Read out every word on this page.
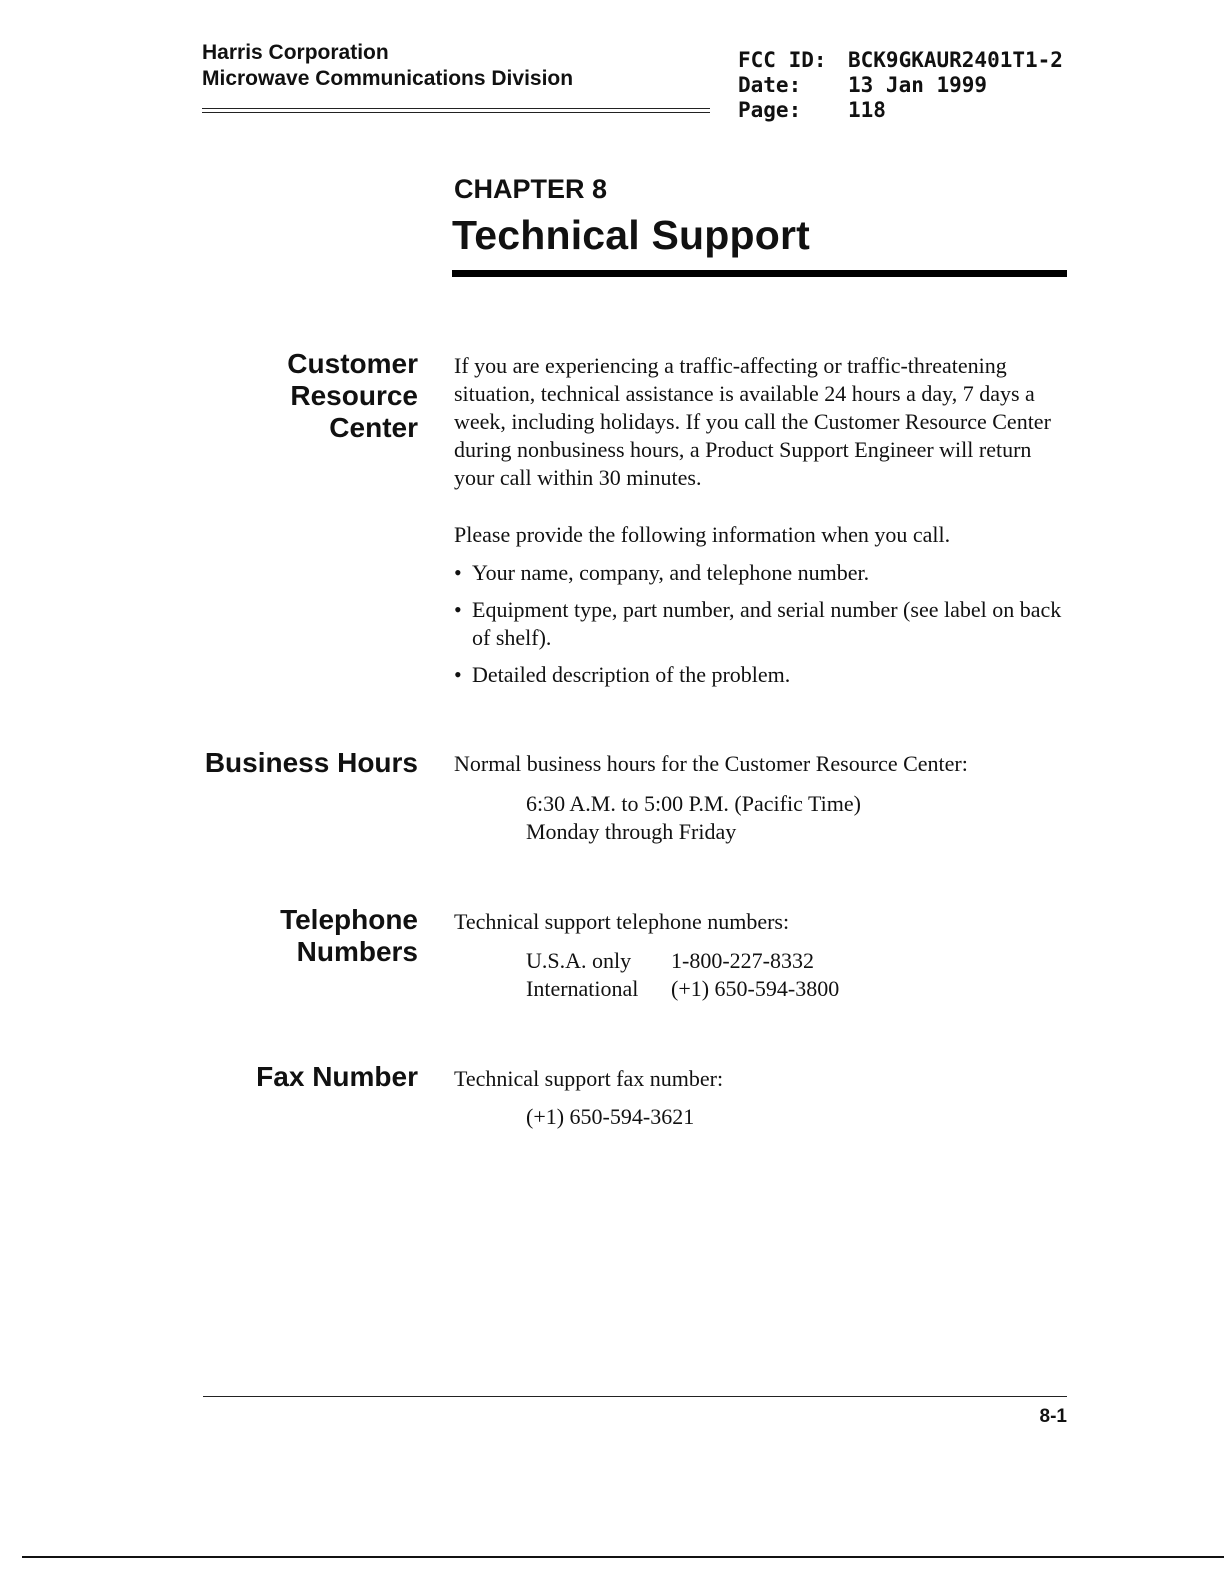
Harris Corporation
Microwave Communications Division
FCC ID:	BCK9GKAUR2401T1-2
Date:	13 Jan 1999
Page:	118
CHAPTER 8
Technical Support
Customer
Resource
Center

If you are experiencing a traffic-affecting or traffic-threatening situation, technical assistance is available 24 hours a day, 7 days a week, including holidays. If you call the Customer Resource Center during nonbusiness hours, a Product Support Engineer will return your call within 30 minutes.

Please provide the following information when you call.

• Your name, company, and telephone number.
• Equipment type, part number, and serial number (see label on back of shelf).
• Detailed description of the problem.
Business Hours Normal business hours for the Customer Resource Center:
6:30 A.M. to 5:00 P.M. (Pacific Time)
Monday through Friday
Telephone
Numbers
Technical support telephone numbers:
U.S.A. only	1-800-227-8332
International	(+1) 650-594-3800
Fax Number Technical support fax number:
(+1) 650-594-3621
8-1
